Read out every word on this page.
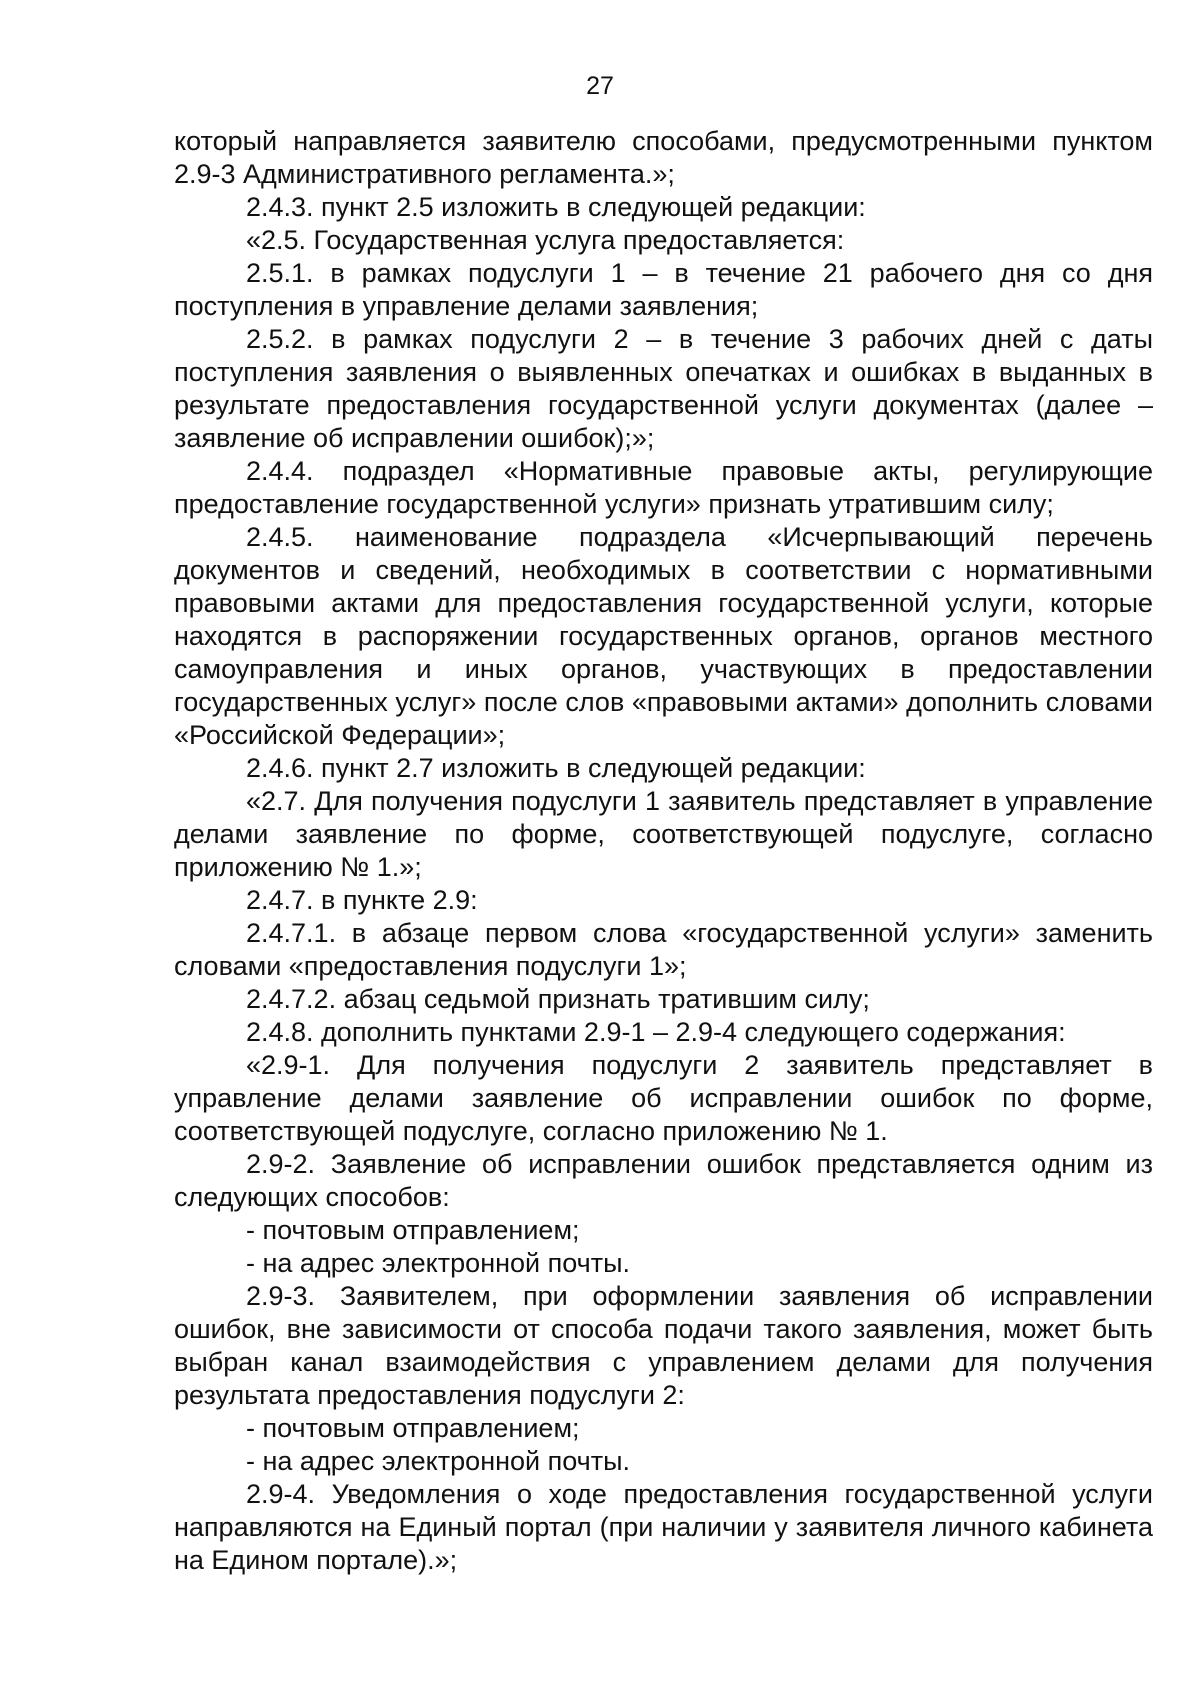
27

который направляется заявителю способами, предусмотренными пунктом 2.9-3 Административного регламента.»;

2.4.3. пункт 2.5 изложить в следующей редакции:

«2.5. Государственная услуга предоставляется:

2.5.1. в рамках подуслуги 1 – в течение 21 рабочего дня со дня поступления в управление делами заявления;

2.5.2. в рамках подуслуги 2 – в течение 3 рабочих дней с даты поступления заявления о выявленных опечатках и ошибках в выданных в результате предоставления государственной услуги документах (далее – заявление об исправлении ошибок);»;

2.4.4. подраздел «Нормативные правовые акты, регулирующие предоставление государственной услуги» признать утратившим силу;

2.4.5. наименование подраздела «Исчерпывающий перечень документов и сведений, необходимых в соответствии с нормативными правовыми актами для предоставления государственной услуги, которые находятся в распоряжении государственных органов, органов местного самоуправления и иных органов, участвующих в предоставлении государственных услуг» после слов «правовыми актами» дополнить словами «Российской Федерации»;

2.4.6. пункт 2.7 изложить в следующей редакции:

«2.7. Для получения подуслуги 1 заявитель представляет в управление делами заявление по форме, соответствующей подуслуге, согласно приложению № 1.»;

2.4.7. в пункте 2.9:

2.4.7.1. в абзаце первом слова «государственной услуги» заменить словами «предоставления подуслуги 1»;

2.4.7.2. абзац седьмой признать тратившим силу;

2.4.8. дополнить пунктами 2.9-1 – 2.9-4 следующего содержания:

«2.9-1. Для получения подуслуги 2 заявитель представляет в управление делами заявление об исправлении ошибок по форме, соответствующей подуслуге, согласно приложению № 1.

2.9-2. Заявление об исправлении ошибок представляется одним из следующих способов:

- почтовым отправлением;

- на адрес электронной почты.

2.9-3. Заявителем, при оформлении заявления об исправлении ошибок, вне зависимости от способа подачи такого заявления, может быть выбран канал взаимодействия с управлением делами для получения результата предоставления подуслуги 2:

- почтовым отправлением;

- на адрес электронной почты.

2.9-4. Уведомления о ходе предоставления государственной услуги направляются на Единый портал (при наличии у заявителя личного кабинета на Едином портале).»;
